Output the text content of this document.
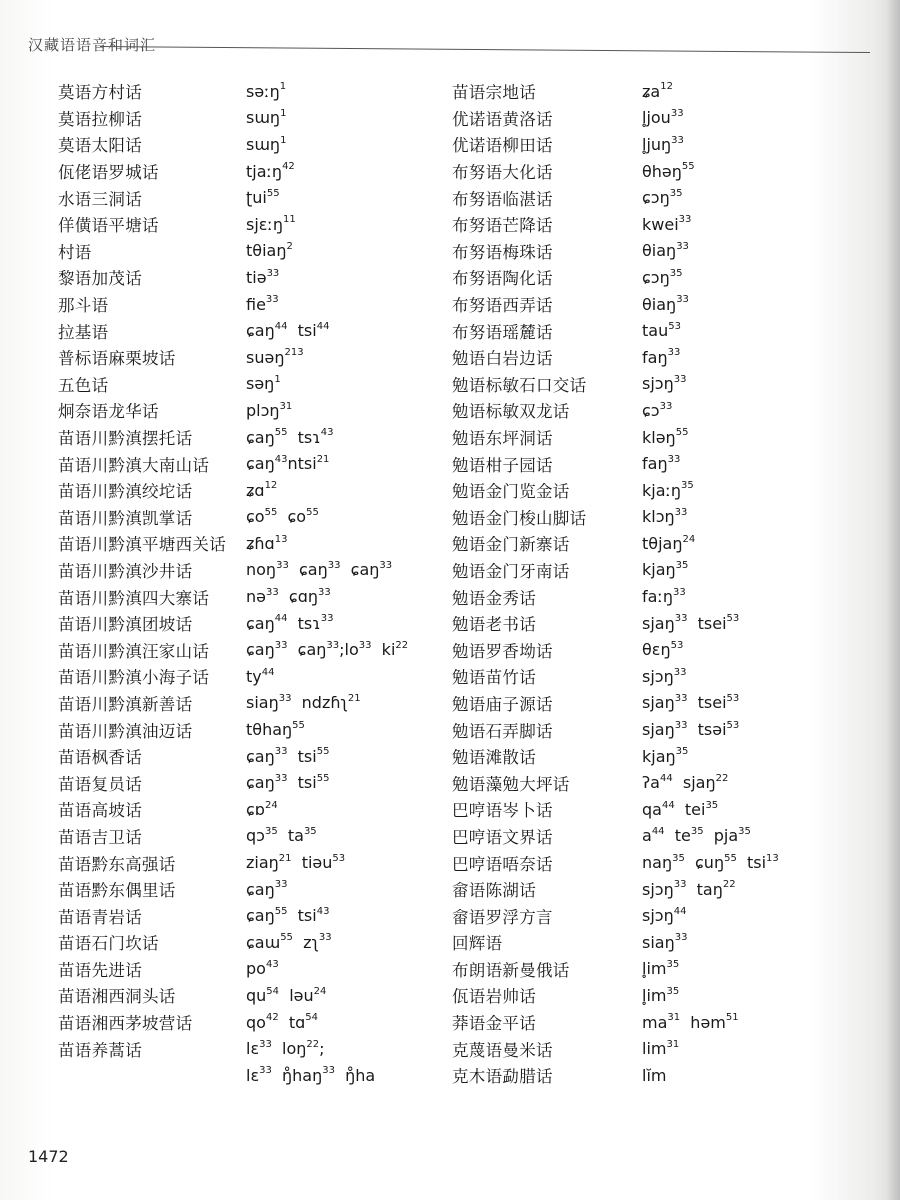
汉藏语语音和词汇
莫语方村话	səːŋ$^1$
莫语拉柳话	sɯŋ$^1$
莫语太阳话	sɯŋ$^1$
佤佬语罗城话	tjaːŋ$^{42}$
水语三洞话	ʈui$^{55}$
佯僙语平塘话	sjɛːŋ$^{11}$
村语	tθiaŋ$^2$
黎语加茂话	tiə$^{33}$
那斗语	fie$^{33}$
拉基语	ɕaŋ$^{44}$  tsi$^{44}$
普标语麻栗坡话	suəŋ$^{213}$
五色话	səŋ$^1$
炯奈语龙华话	plɔŋ$^{31}$
苗语川黔滇摆托话	ɕaŋ$^{55}$  tsɿ$^{43}$
苗语川黔滇大南山话	ɕaŋ$^{43}$ntsi$^{21}$
苗语川黔滇绞坨话	ʑɑ$^{12}$
苗语川黔滇凯掌话	ɕo$^{55}$  ɕo$^{55}$
苗语川黔滇平塘西关话	ʑɦɑ$^{13}$
苗语川黔滇沙井话	noŋ$^{33}$  ɕaŋ$^{33}$  ɕaŋ$^{33}$
苗语川黔滇四大寨话	nə$^{33}$  ɕɑŋ$^{33}$
苗语川黔滇团坡话	ɕaŋ$^{44}$  tsɿ$^{33}$
苗语川黔滇汪家山话	ɕaŋ$^{33}$  $ɕaŋ^{33};lo^{33}$  $ki^{22}$
苗语川黔滇小海子话	$ty^{44}$
苗语川黔滇新善话	siaŋ$^{33}$  ndzɦʅ$^{21}$
苗语川黔滇油迈话	tθhaŋ$^{55}$
苗语枫香话	ɕaŋ$^{33}$  tsi$^{55}$
苗语复员话	ɕaŋ$^{33}$  tsi$^{55}$
苗语高坡话	ɕɒ$^{24}$
苗语吉卫话	qɔ$^{35}$  $ta^{35}$
苗语黔东高强话	ziaŋ$^{21}$  tiəu$^{53}$
苗语黔东偶里话	ɕaŋ$^{33}$
苗语青岩话	ɕaŋ$^{55}$  tsi$^{43}$
苗语石门坎话	ɕaɯ$^{55}$  zʅ$^{33}$
苗语先进话	$po^{43}$
苗语湘西洞头话	$qu^{54}$  ləu$^{24}$
苗语湘西茅坡营话	$qo^{42}$  tɑ$^{54}$
苗语养蒿话	lɛ$^{33}$  loŋ$^{22}$;
lɛ$^{33}$  ŋ̊haŋ$^{33}$  ŋ̊ha
苗语宗地话	ʑa$^{12}$
优诺语黄洛话	l̥jou$^{33}$
优诺语柳田话	l̥juŋ$^{33}$
布努语大化话	θhəŋ$^{55}$
布努语临湛话	ɕɔŋ$^{35}$
布努语芒降话	kwei$^{33}$
布努语梅珠话	θiaŋ$^{33}$
布努语陶化话	ɕɔŋ$^{35}$
布努语西弄话	θiaŋ$^{33}$
布努语瑶麓话	tau$^{53}$
勉语白岩边话	faŋ$^{33}$
勉语标敏石口交话	sjɔŋ$^{33}$
勉语标敏双龙话	ɕɔ$^{33}$
勉语东坪洞话	kləŋ$^{55}$
勉语柑子园话	faŋ$^{33}$
勉语金门览金话	kjaːŋ$^{35}$
勉语金门梭山脚话	klɔŋ$^{33}$
勉语金门新寨话	tθjaŋ$^{24}$
勉语金门牙南话	kjaŋ$^{35}$
勉语金秀话	faːŋ$^{33}$
勉语老书话	sjaŋ$^{33}$  tsei$^{53}$
勉语罗香坳话	θɛŋ$^{53}$
勉语苗竹话	sjɔŋ$^{33}$
勉语庙子源话	sjaŋ$^{33}$  tsei$^{53}$
勉语石弄脚话	sjaŋ$^{33}$  tsəi$^{53}$
勉语滩散话	kjaŋ$^{35}$
勉语藻勉大坪话	ʔa$^{44}$  sjaŋ$^{22}$
巴哼语岑卜话	$qa^{44}$  tei$^{35}$
巴哼语文界话	$a^{44}$  $te^{35}$  pja$^{35}$
巴哼语唔奈话	naŋ$^{35}$  ɕuŋ$^{55}$  tsi$^{13}$
畲语陈湖话	sjɔŋ$^{33}$  taŋ$^{22}$
畲语罗浮方言	sjɔŋ$^{44}$
回辉语	siaŋ$^{33}$
布朗语新曼俄话	$l̥im^{35}$
佤语岩帅话	$l̥im^{35}$
莽语金平话	$ma^{31}$  həm$^{51}$
克蔑语曼米话	$\lim^{31}$
克木语勐腊话	lĭm
1472
